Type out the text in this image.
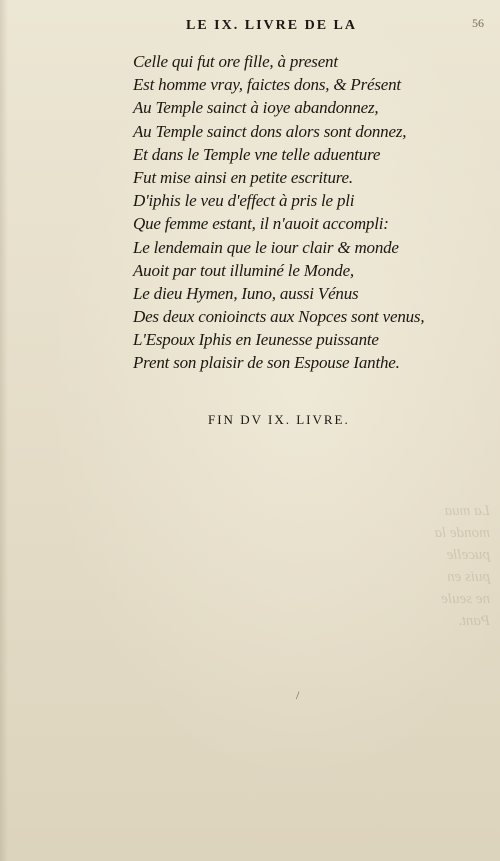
La mua
monde la
pucelle
puis en
ne seule
Pant.
LE IX. LIVRE DE LA	56
Celle qui fut ore fille, à present
Est homme vray, faictes dons, & Présent
Au Temple sainct à ioye abandonnez,
Au Temple sainct dons alors sont donnez,
Et dans le Temple vne telle aduenture
Fut mise ainsi en petite escriture.
D'iphis le veu d'effect à pris le pli
Que femme estant, il n'auoit accompli:
Le lendemain que le iour clair & monde
Auoit par tout illuminé le Monde,
Le dieu Hymen, Iuno, aussi Vénus
Des deux conioincts aux Nopces sont venus,
L'Espoux Iphis en Ieunesse puissante
Prent son plaisir de son Espouse Ianthe.
FIN DV IX. LIVRE.
/
